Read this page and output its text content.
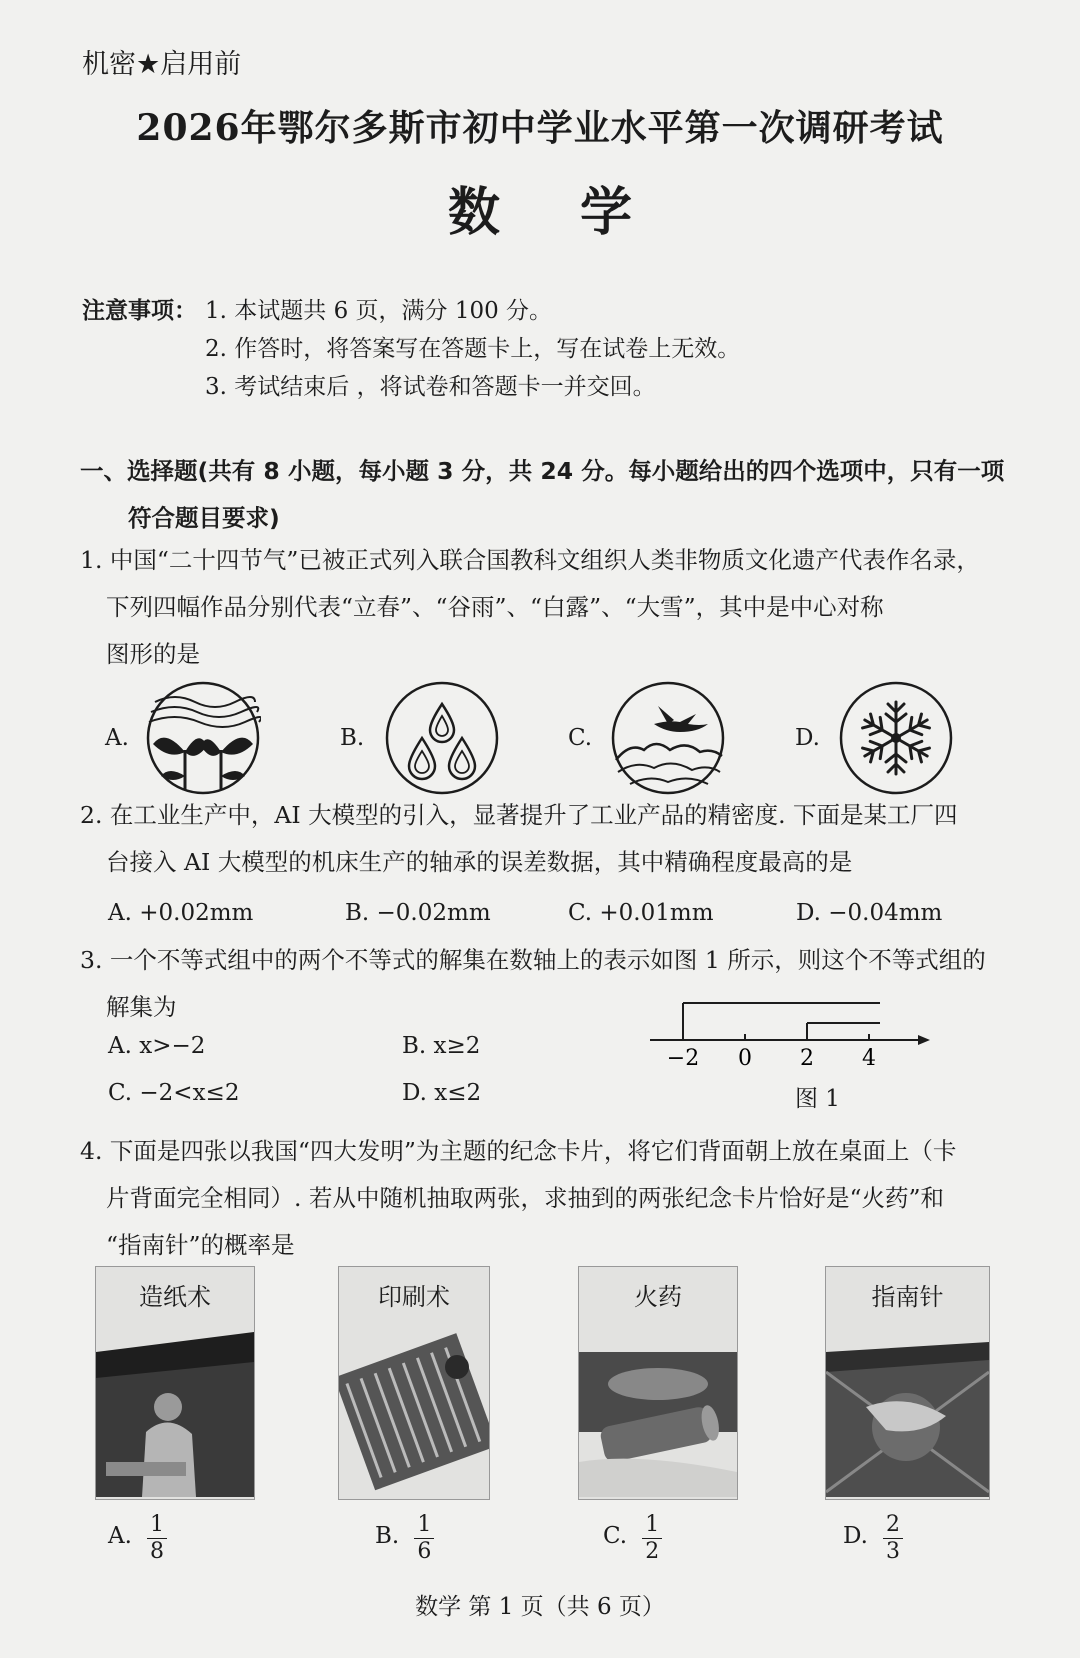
机密★启用前
2026年鄂尔多斯市初中学业水平第一次调研考试
数学
注意事项： 1. 本试题共 6 页，满分 100 分。
2. 作答时，将答案写在答题卡上，写在试卷上无效。
3. 考试结束后 ，将试卷和答题卡一并交回。
一、选择题(共有 8 小题，每小题 3 分，共 24 分。每小题给出的四个选项中，只有一项
符合题目要求)
1. 中国“二十四节气”已被正式列入联合国教科文组织人类非物质文化遗产代表作名录，
下列四幅作品分别代表“立春”、“谷雨”、“白露”、“大雪”，其中是中心对称
图形的是
A.	B.	C.	D.
2. 在工业生产中，AI 大模型的引入，显著提升了工业产品的精密度. 下面是某工厂四
台接入 AI 大模型的机床生产的轴承的误差数据，其中精确程度最高的是
A. +0.02mm	B. −0.02mm	C. +0.01mm	D. −0.04mm
3. 一个不等式组中的两个不等式的解集在数轴上的表示如图 1 所示，则这个不等式组的
解集为
A. x>−2	B. x≥2
C. −2<x≤2	D. x≤2
−2 0 2 4
图 1
4. 下面是四张以我国“四大发明”为主题的纪念卡片，将它们背面朝上放在桌面上（卡
片背面完全相同）. 若从中随机抽取两张，求抽到的两张纪念卡片恰好是“火药”和
“指南针”的概率是
造纸术	印刷术	火药	指南针
A. $\frac{1}{8}$	B. $\frac{1}{6}$	C. $\frac{1}{2}$	D. $\frac{2}{3}$
数学 第 1 页（共 6 页）
